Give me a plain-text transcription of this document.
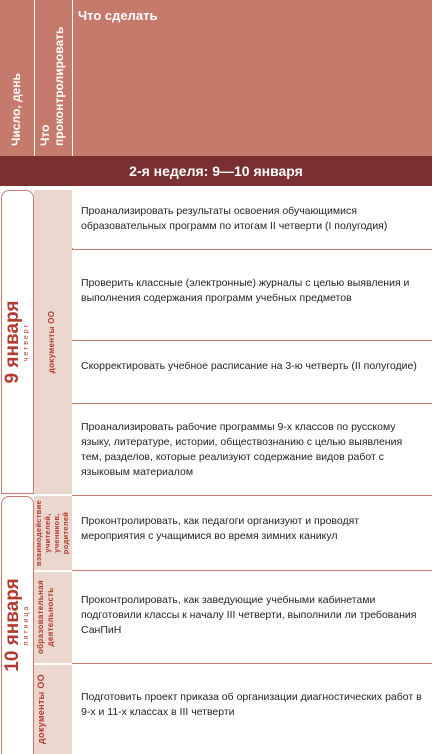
Число, день Что проконтролировать
Что сделать
2-я неделя: 9—10 января
9 января четверг документы ОО
Проанализировать результаты освоения обучающимися образовательных программ по итогам II четверти (I полугодия)
Проверить классные (электронные) журналы с целью выявления и выполнения содержания программ учебных предметов
Скорректировать учебное расписание на 3-ю четверть (II полугодие)
Проанализировать рабочие программы 9-х классов по русскому языку, литературе, истории, обществознанию с целью выявления тем, разделов, которые реализуют содержание видов работ с языковым материалом
10 января пятница
взаимодействие учителей, учеников, родителей
образовательная деятельность
документы ОО
Проконтролировать, как педагоги организуют и проводят мероприятия с учащимися во время зимних каникул
Проконтролировать, как заведующие учебными кабинетами подготовили классы к началу III четверти, выполнили ли требования СанПиН
Подготовить проект приказа об организации диагностических работ в 9-х и 11-х классах в III четверти
